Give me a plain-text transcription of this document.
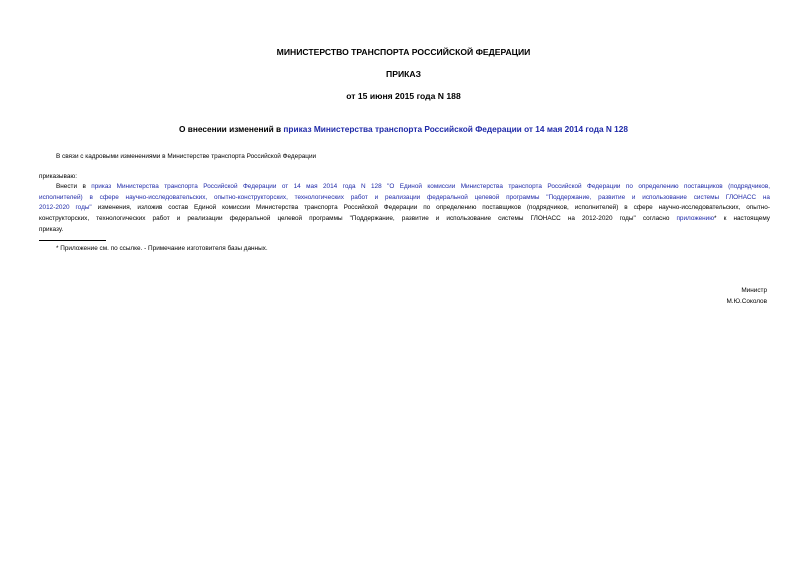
МИНИСТЕРСТВО ТРАНСПОРТА РОССИЙСКОЙ ФЕДЕРАЦИИ
ПРИКАЗ
от 15 июня 2015 года N 188
О внесении изменений в приказ Министерства транспорта Российской Федерации от 14 мая 2014 года N 128
В связи с кадровыми изменениями в Министерстве транспорта Российской Федерации
приказываю:
Внести в приказ Министерства транспорта Российской Федерации от 14 мая 2014 года N 128 "О Единой комиссии Министерства транспорта Российской Федерации по определению поставщиков (подрядчиков,
исполнителей) в сфере научно-исследовательских, опытно-конструкторских, технологических работ и реализации федеральной целевой программы "Поддержание, развитие и использование системы ГЛОНАСС на
2012-2020 годы" изменения, изложив состав Единой комиссии Министерства транспорта Российской Федерации по определению поставщиков (подрядчиков, исполнителей) в сфере научно-исследовательских, опытно-
конструкторских, технологических работ и реализации федеральной целевой программы "Поддержание, развитие и использование системы ГЛОНАСС на 2012-2020 годы" согласно приложению* к настоящему
приказу.
* Приложение см. по ссылке. - Примечание изготовителя базы данных.
Министр
М.Ю.Соколов
